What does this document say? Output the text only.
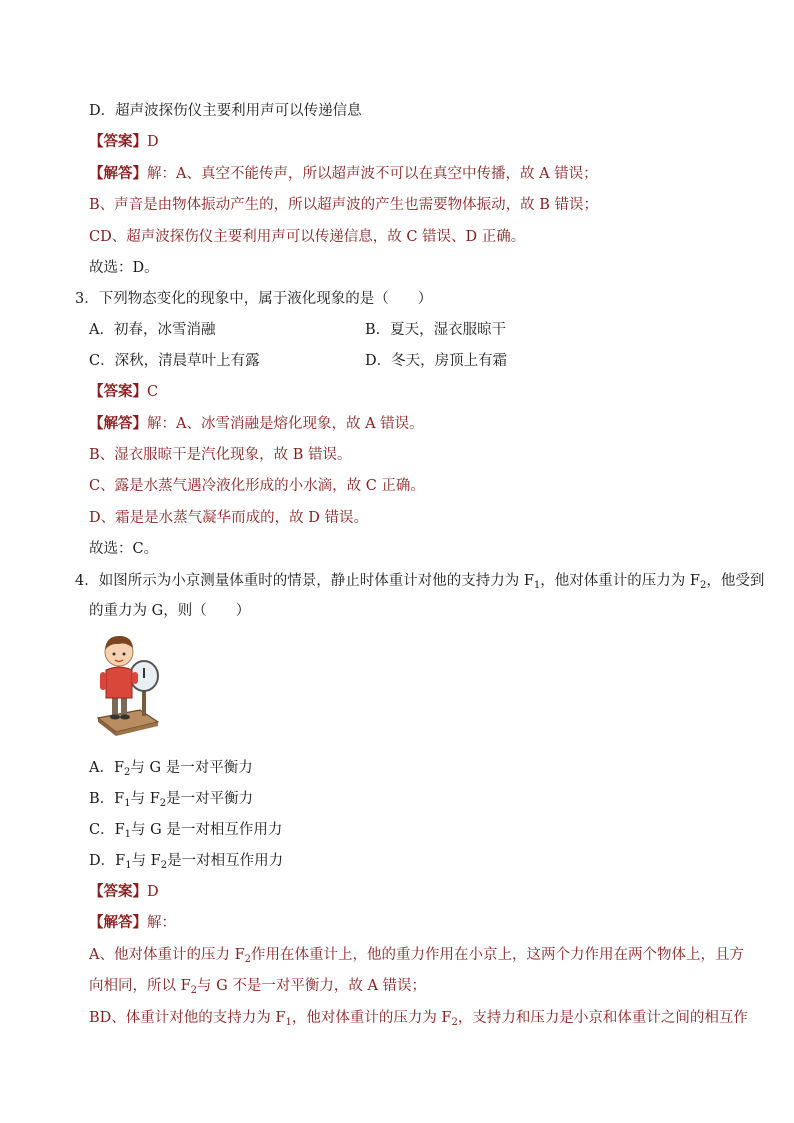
D．超声波探伤仪主要利用声可以传递信息
【答案】D
【解答】解：A、真空不能传声，所以超声波不可以在真空中传播，故 A 错误；
B、声音是由物体振动产生的，所以超声波的产生也需要物体振动，故 B 错误；
CD、超声波探伤仪主要利用声可以传递信息，故 C 错误、D 正确。
故选：D。
3．下列物态变化的现象中，属于液化现象的是（　　）
A．初春，冰雪消融	B．夏天，湿衣服晾干
C．深秋，清晨草叶上有露	D．冬天，房顶上有霜
【答案】C
【解答】解：A、冰雪消融是熔化现象，故 A 错误。
B、湿衣服晾干是汽化现象，故 B 错误。
C、露是水蒸气遇冷液化形成的小水滴，故 C 正确。
D、霜是是水蒸气凝华而成的，故 D 错误。
故选：C。
4．如图所示为小京测量体重时的情景，静止时体重计对他的支持力为 $F_1$，他对体重计的压力为 $F_2$，他受到
的重力为 G，则（　　）
A．$F_2$与 G 是一对平衡力
B．$F_1$与 $F_2$是一对平衡力
C．$F_1$与 G 是一对相互作用力
D．$F_1$与 $F_2$是一对相互作用力
【答案】D
【解答】解：
A、他对体重计的压力 $F_2$作用在体重计上，他的重力作用在小京上，这两个力作用在两个物体上，且方
向相同，所以 $F_2$与 G 不是一对平衡力，故 A 错误；
BD、体重计对他的支持力为 $F_1$，他对体重计的压力为 $F_2$，支持力和压力是小京和体重计之间的相互作
